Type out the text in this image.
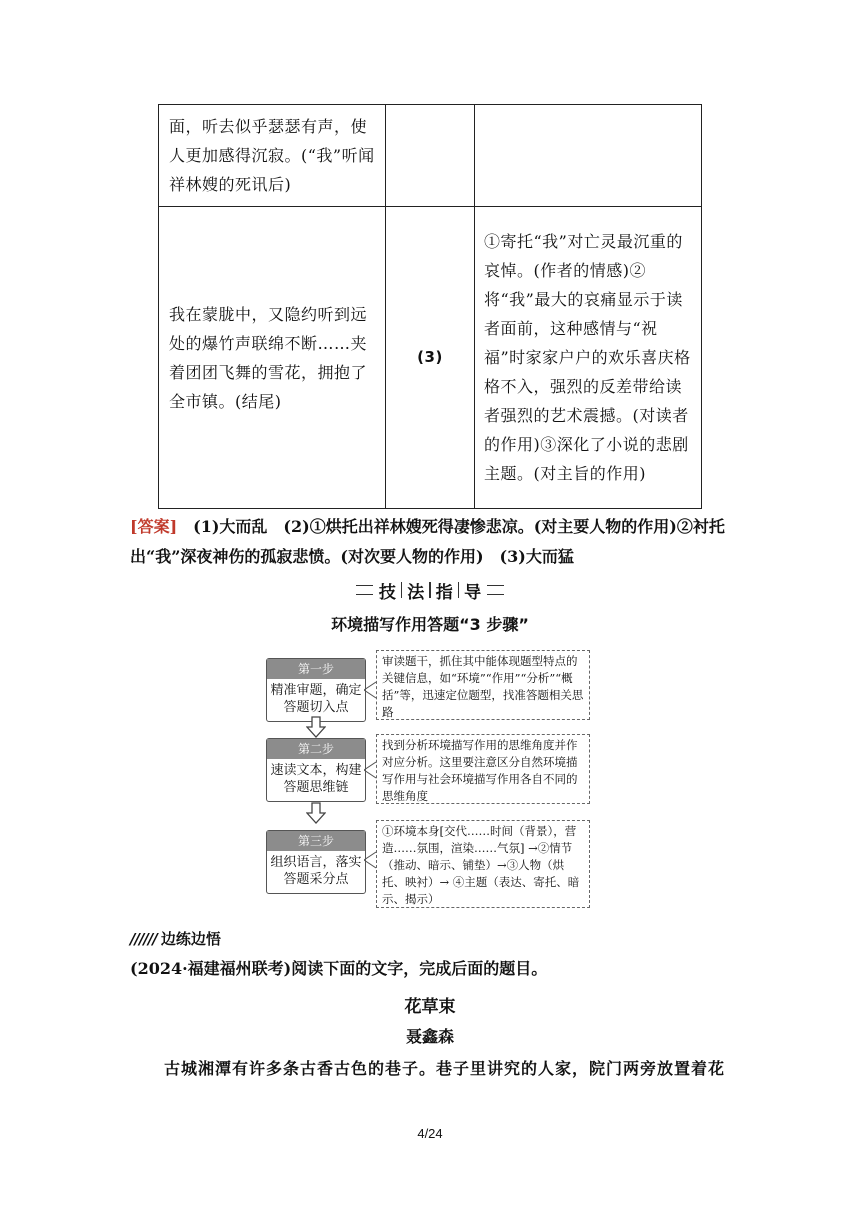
面，听去似乎瑟瑟有声，使人更加感得沉寂。(“我”听闻祥林嫂的死讯后)		

我在蒙胧中，又隐约听到远处的爆竹声联绵不断……夹着团团飞舞的雪花，拥抱了全市镇。(结尾)	(3)	①寄托“我”对亡灵最沉重的哀悼。(作者的情感)②将“我”最大的哀痛显示于读者面前，这种感情与“祝福”时家家户户的欢乐喜庆格格不入，强烈的反差带给读者强烈的艺术震撼。(对读者的作用)③深化了小说的悲剧主题。(对主旨的作用)
[答案]　(1)大而乱　(2)①烘托出祥林嫂死得凄惨悲凉。(对主要人物的作用)②衬托出“我”深夜神伤的孤寂悲愤。(对次要人物的作用)　(3)大而猛
技 法 指 导
环境描写作用答题“3 步骤”
第一步
精准审题，确定答题切入点
审读题干，抓住其中能体现题型特点的关键信息，如“环境”“作用”“分析”“概括”等，迅速定位题型，找准答题相关思路
第二步
速读文本，构建答题思维链
找到分析环境描写作用的思维角度并作对应分析。这里要注意区分自然环境描写作用与社会环境描写作用各自不同的思维角度
第三步
组织语言，落实答题采分点
①环境本身[交代……时间（背景），营造……氛围，渲染……气氛] →②情节（推动、暗示、铺垫）→③人物（烘托、映衬）→ ④主题（表达、寄托、暗示、揭示）
////// 边练边悟
(2024·福建福州联考)阅读下面的文字，完成后面的题目。
花草束
聂鑫森
古城湘潭有许多条古香古色的巷子。巷子里讲究的人家，院门两旁放置着花
4/24
